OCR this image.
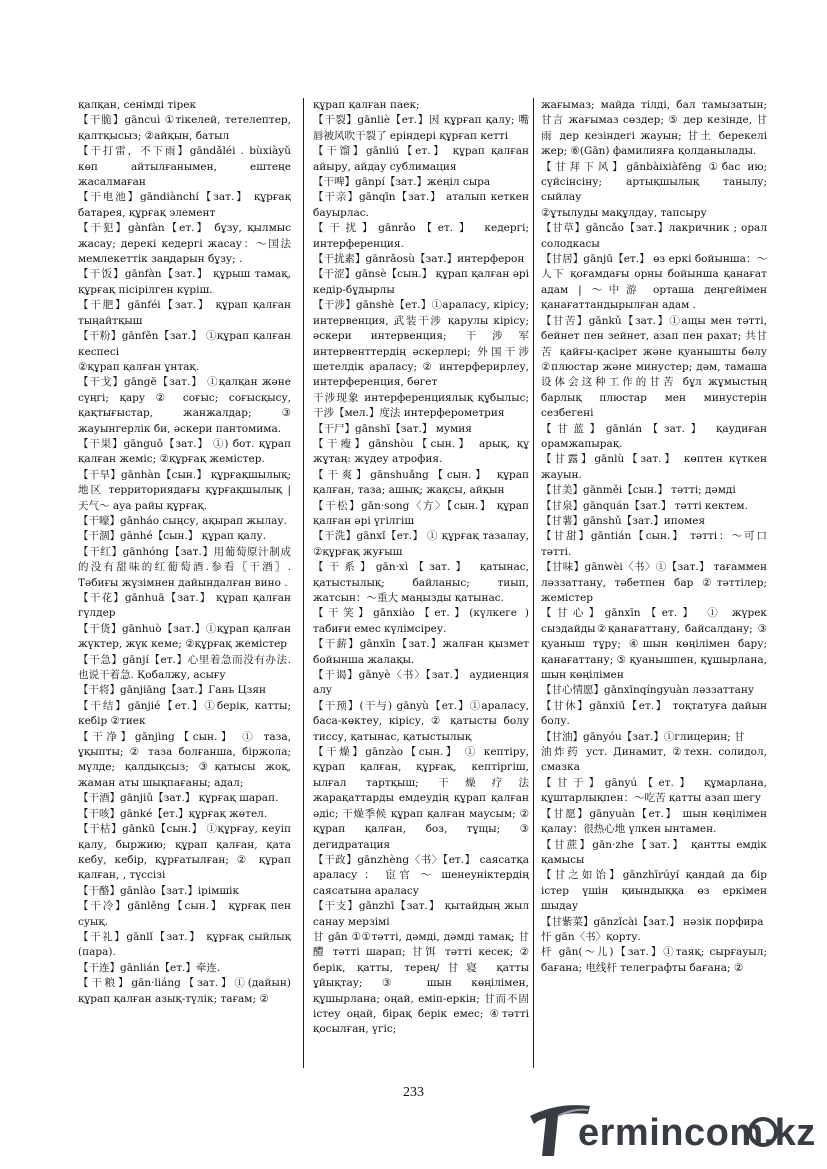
қалқан, сенімді тірек

【干脆】gāncuì ①тікелей, тетелептер, қалтқысыз; ②айқын, батыл

【干打雷，不下雨】gāndǎléi . bùxiàyǔ көп айтылғанымен, ештеңе жасалмаған

【干电池】gāndiànchí【зат.】 құрғақ батарея, құрғақ элемент

【干犯】gànfàn【ет.】 бұзу, қылмыс жасау; дерекі кедергі жасау：～国法 мемлекеттік заңдарын бұзу; .

【干饭】gānfàn【зат.】 құрыш тамақ, құрғақ пісірілген күріш.

【干肥】gānféi【зат.】 құрап қалған тыңайтқыш

【干粉】gānfěn【зат.】 ①құрап қалған кеспесі

②құрап қалған ұнтақ.

【干戈】gāngē【зат.】 ①қалқан және сүңгі; қару ② соғыс; соғысқысу, қақтығыстар, жанжалдар; ③ жауынгерлік би, әскери пантомима.

【干果】gānguǒ【зат.】 ①) бот. құрап қалған жеміс; ②құрғақ жемістер.

【干旱】gānhàn【сын.】 құрғақшылық; 地区 территориядағы құрғақшылық | 天气～ ауа райы құрғақ.

【干嚎】gānháo сыңсу, ақырап жылау.

【干涸】gānhé【сын.】 құрап қалу.

【干红】gānhóng【зат.】用葡萄原汁制成的没有甜味的红葡萄酒.参看〖干酒〗. Тәбиғы жүзімнен дайындалған вино .

【干花】gānhuā【зат.】 құрап қалған гүлдер

【干货】gānhuò【зат.】①құрап қалған жүктер, жүк кеме; ②құрғақ жемістер

【干急】gānjí【ет.】心里着急而没有办法.也说干着急. Қобалжу, асығу

【干将】gānjiāng【зат.】Гань Цзян

【干结】gānjié【ет.】①берік, катты; кебір ②тиек

【干净】gānjìng【сын.】 ① таза, ұқыпты; ② таза болғанша, біржола; мүлде; қалдықсыз; ③қатысы жоқ, жаман аты шықпағаны; адал;

【干酒】gānjiǔ【зат.】 құрғақ шарап.

【干咳】gānké【ет.】құрғақ жөтел.

【干枯】gānkū【сын.】 ①құрғау, кеуіп қалу, быржию; құрап қалған, қата кебу, кебір, құрғатылған; ② құрап қалған, , түссізі

【干酪】gānlào【зат.】ірімшік

【干冷】gānlěng【сын.】 құрғақ пен суық.

【干礼】gānlǐ【зат.】 құрғақ сыйлық (пара).

【干连】gānlián【ет.】牵连.

【干粮】gān·liáng【зат.】①(дайын) құрап қалған азық-түлік; тағам; ②

құрап қалған паек;

【干裂】gānliè【ет.】因 құрғап қалу; 嘴唇被风吹干裂了 еріндері құрғап кетті

【干馏】gānliú【ет.】 құрап қалған айыру, айдау сублимация

【干啤】gānpí【зат.】жеңіл сыра

【干亲】gānqīn【зат.】 аталып кеткен бауырлас.

【干扰】gānrǎo【ет.】 кедергі; интерференция.

【干扰素】gānrǎosù【зат.】интерферон

【干涩】gānsè【сын.】 құрап қалған әрі кедір-бұдырлы

【干涉】gānshè【ет.】①араласу, кірісу; интервенция, 武装干涉 қарулы кірісу; әскери интервенция; 干涉军 интервенттердің әскерлері; 外国干涉 шетелдік араласу; ② интерферирлеу, интерференция, бөгет

干涉现象 интерференциялық құбылыс; 干涉【мел.】度法 интерферометрия

【干尸】gānshī【зат.】 мумия

【干瘦】gānshòu【сын.】 арық, құ жұтаң: жүдеу атрофия.

【干爽】gānshuǎng【сын.】 құрап қалған, таза; ашық; жақсы, айқын

【干松】gān·song〈方〉【сын.】 құрап қалған әрі үгілгіш

【干洗】gānxǐ【ет.】 ① құрғақ тазалау, ②құрғақ жуғыш

【干系】gān·xì【зат.】 қатынас, қатыстылық; байланыс; тиып, жатсын：～重大 маңызды қатынас.

【干笑】gānxiào【ет.】(күлкеге ) табиғи емес күлімсіреу.

【干薪】gānxīn【зат.】жалған қызмет бойынша жалақы.

【干谒】gānyè〈书〉【зат.】 аудиенция алу

【干预】(干与) gānyù【ет.】①араласу, баса-көктеу, кірісу, ② қатысты болу тисcу, қатынас, қатыстылық

【干燥】gānzào【сын.】 ① кептіру, құрап қалған, құрғақ, кептіргіш, ылғал тартқыш; 干燥疗法 жарақаттарды емдеудің құрап қалған әдіс; 干燥季候 құрап қалған маусым; ② құрап қалған, боз, тұщы; ③ дегидратация

【干政】gānzhèng〈书〉【ет.】 саясатқа араласу ： 宦官 ～ шенеуніктердің саясатына араласу

【干支】gānzhī【зат.】 қытайдың жыл санау мерзімі

甘 gān ①①тәтті, дәмді, дәмді тамақ; 甘醴 тәтті шарап; 甘饵 тәтті кесек; ② берік, қатты, терең/甘寝 қатты ұйықтау; ③ шын көңілімен, құшырлана; оңай, еміп-еркін; 甘而不固 істеу оңай, бірақ берік емес; ④тәтті қосылған, үгіс;

жағымаз; майда тілді, бал тамызатын; 甘言 жағымаз сөздер; ⑤ дер кезінде, 甘雨 дер кезіндегі жауын; 甘土 берекелі жер; ⑥(Gān) фамилияға қолданылады.

【甘拜下风】gānbàixiàfēng ①бас ию; сүйсінсіну; артықшылық танылу; сыйлау

②ұтылуды мақұлдау, тапсыру

【甘草】gāncǎo【зат.】лакричник ; орал солодкасы

【甘居】gānjū【ет.】 өз еркі бойынша：～人下 қоғамдағы орны бойынша қанағат адам | ～中游 орташа деңгейімен қанағаттандырылған адам .

【甘苦】gānkǔ【зат.】①ащы мен тәтті, бейнет пен зейнет, азап пен рахат; 共甘苦 қайғы-қасірет және қуанышты бөлу ②плюстар және минустер; дәм, тамаша 设体会这种工作的甘苦 бұл жұмыстың барлық плюстар мен минустерін сезбегені

【甘蓝】gānlán【зат.】 қаудиған орамжапырақ.

【甘露】gānlù【зат.】 көптен күткен жауын.

【甘美】gānměi【сын.】 тәтті; дәмді

【甘泉】gānquán【зат.】 тәтті кектем.

【甘薯】gānshǔ【зат.】ипомея

【甘甜】gāntián【сын.】 тәтті：～可口 тәтті.

【甘味】gānwèi〈书〉①【зат.】 тағаммен ләззаттану, тәбетпен бар ②тәттілер; жемістер

【甘心】gānxīn【ет.】 ① жүрек сыздайды②қанағаттану, байсалдану; ③ қуаныш тұру; ④шын көңілімен бару; қанағаттану; ⑤ қуанышпен, құшырлана, шын көңілімен

【甘心情愿】gānxīnqíngyuàn ләззаттану

【甘休】gānxiū【ет.】 тоқтатуға дайын болу.

【甘油】gānyóu【зат.】①глицерин; 甘

油炸药 уст. Динамит, ②техн. солидол, смазка

【甘于】gānyú【ет.】 құмарлана, құштарлықпен：～吃苦 қатты азап шегу

【甘愿】gānyuàn【ет.】 шын көңілімен қалау：很热心地 үлкен ынтамен.

【甘蔗】gān·zhe【зат.】 қантты емдік қамысы

【甘之如饴】gānzhīrúyí қандай да бір істер үшін қиындыққа өз еркімен шыдау

【甘紫菜】gānzǐcài【зат.】 нәзік порфира

忓 gān〈书〉қорту.

杆 gān(～儿)【зат.】①таяқ; сырғауыл; бағана; 电线杆 телеграфты бағана; ②

233
ermincom.kz
